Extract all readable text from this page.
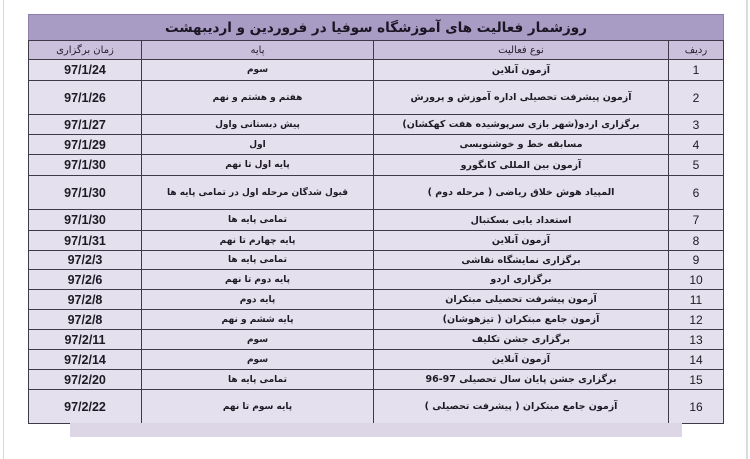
روزشمار فعالیت های آموزشگاه سوفیا در فروردین و اردیبهشت			
ردیف	نوع فعالیت	پایه	زمان برگزاری
1	آزمون آنلاین	سوم	97/1/24
2	آزمون پیشرفت تحصیلی اداره آموزش و پرورش	هفتم و هشتم و نهم	97/1/26
3	برگزاری اردو(شهر بازی سرپوشیده هفت کهکشان)	پیش دبستانی واول	97/1/27
4	مسابقه خط و خوشنویسی	اول	97/1/29
5	آزمون بین المللی کانگورو	پایه اول تا نهم	97/1/30
6	المپیاد هوش خلاق ریاضی ( مرحله دوم )	قبول شدگان مرحله اول در تمامی پایه ها	97/1/30
7	استعداد یابی بسکتبال	تمامی پایه ها	97/1/30
8	آزمون آنلاین	پایه چهارم تا نهم	97/1/31
9	برگزاری نمایشگاه نقاشی	تمامی پایه ها	97/2/3
10	برگزاری اردو	پایه دوم تا نهم	97/2/6
11	آزمون پیشرفت تحصیلی مبتکران	پایه دوم	97/2/8
12	آزمون جامع مبتکران ( تیزهوشان)	پایه ششم و نهم	97/2/8
13	برگزاری جشن تکلیف	سوم	97/2/11
14	آزمون آنلاین	سوم	97/2/14
15	برگزاری جشن پایان سال تحصیلی 97-96	تمامی پایه ها	97/2/20
16	آزمون جامع مبتکران ( پیشرفت تحصیلی )	پایه سوم تا نهم	97/2/22
